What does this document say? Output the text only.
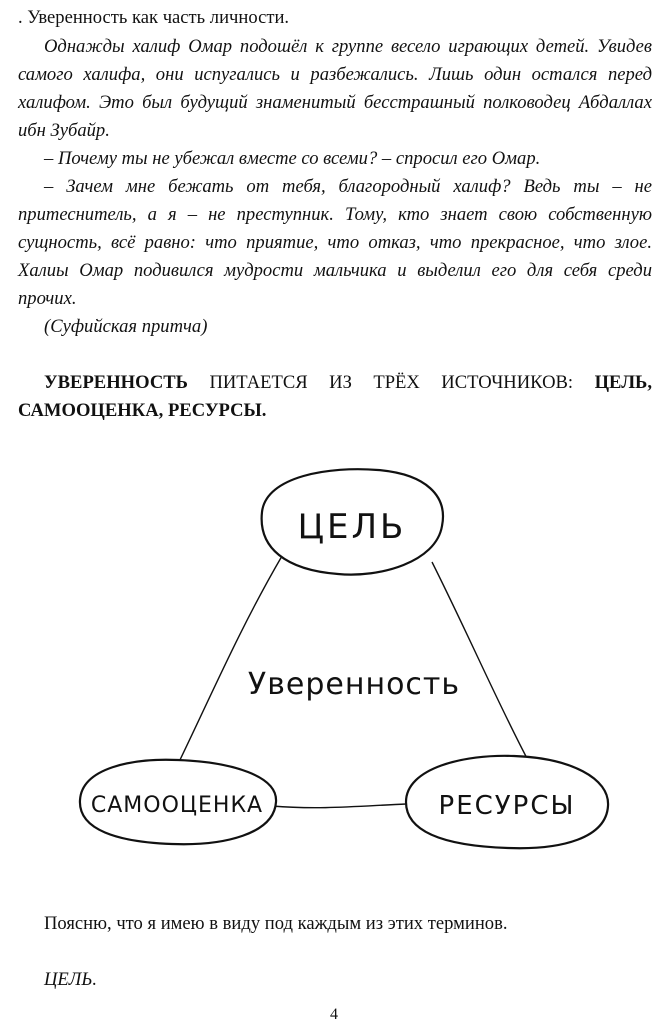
. Уверенность как часть личности.

Однажды халиф Омар подошёл к группе весело играющих детей. Увидев самого халифа, они испугались и разбежались. Лишь один остался перед халифом. Это был будущий знаменитый бесстрашный полководец Абдаллах ибн Зубайр.

– Почему ты не убежал вместе со всеми? – спросил его Омар.

– Зачем мне бежать от тебя, благородный халиф? Ведь ты – не притеснитель, а я – не преступник. Тому, кто знает свою собственную сущность, всё равно: что приятие, что отказ, что прекрасное, что злое. Халиы Омар подивился мудрости мальчика и выделил его для себя среди прочих.

(Суфийская притча)

УВЕРЕННОСТЬ ПИТАЕТСЯ ИЗ ТРЁХ ИСТОЧНИКОВ: ЦЕЛЬ, САМООЦЕНКА, РЕСУРСЫ.

ЦЕЛЬ
САМООЦЕНКА	РЕСУРСЫ
Уверенность

Поясню, что я имею в виду под каждым из этих терминов.

ЦЕЛЬ.

4
